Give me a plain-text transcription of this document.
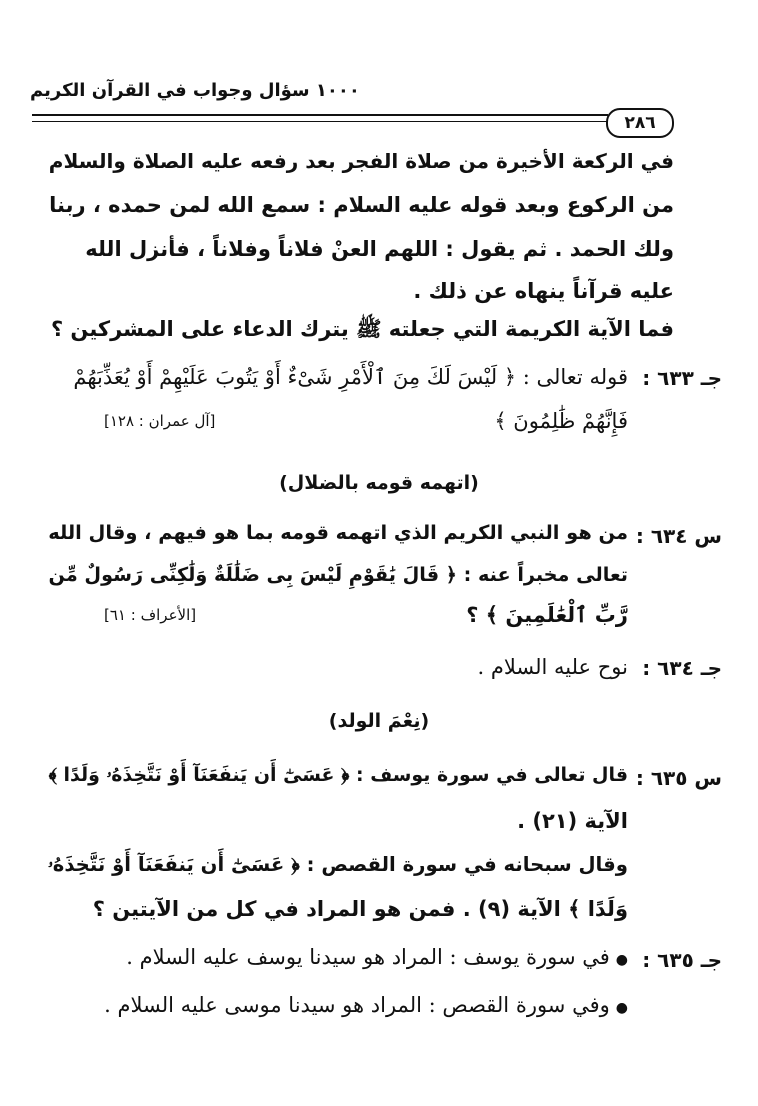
١٠٠٠ سؤال وجواب في القرآن الكريم
٢٨٦
في الركعة الأخيرة من صلاة الفجر بعد رفعه عليه الصلاة والسلام
من الركوع وبعد قوله عليه السلام : سمع الله لمن حمده ، ربنا
ولك الحمد . ثم يقول : اللهم العنْ فلاناً وفلاناً ، فأنزل الله
عليه قرآناً ينهاه عن ذلك .
فما الآية الكريمة التي جعلته ﷺ يترك الدعاء على المشركين ؟
جـ ٦٣٣ :
قوله تعالى : ﴿ لَيْسَ لَكَ مِنَ ٱلْأَمْرِ شَىْءٌ أَوْ يَتُوبَ عَلَيْهِمْ أَوْ يُعَذِّبَهُمْ
فَإِنَّهُمْ ظَٰلِمُونَ ﴾
[آل عمران : ١٢٨]
(اتهمه قومه بالضلال)
س ٦٣٤ :
من هو النبي الكريم الذي اتهمه قومه بما هو فيهم ، وقال الله
تعالى مخبراً عنه : ﴿ قَالَ يَٰقَوْمِ لَيْسَ بِى ضَلَٰلَةٌ وَلَٰكِنِّى رَسُولٌ مِّن
رَّبِّ ٱلْعَٰلَمِينَ ﴾ ؟
[الأعراف : ٦١]
جـ ٦٣٤ :
نوح عليه السلام .
(نِعْمَ الولد)
س ٦٣٥ :
قال تعالى في سورة يوسف : ﴿ عَسَىٰٓ أَن يَنفَعَنَآ أَوْ نَتَّخِذَهُۥ وَلَدًا ﴾
الآية (٢١) .
وقال سبحانه في سورة القصص : ﴿ عَسَىٰٓ أَن يَنفَعَنَآ أَوْ نَتَّخِذَهُۥ
وَلَدًا ﴾ الآية (٩) . فمن هو المراد في كل من الآيتين ؟
جـ ٦٣٥ :
●في سورة يوسف : المراد هو سيدنا يوسف عليه السلام .
●وفي سورة القصص : المراد هو سيدنا موسى عليه السلام .
